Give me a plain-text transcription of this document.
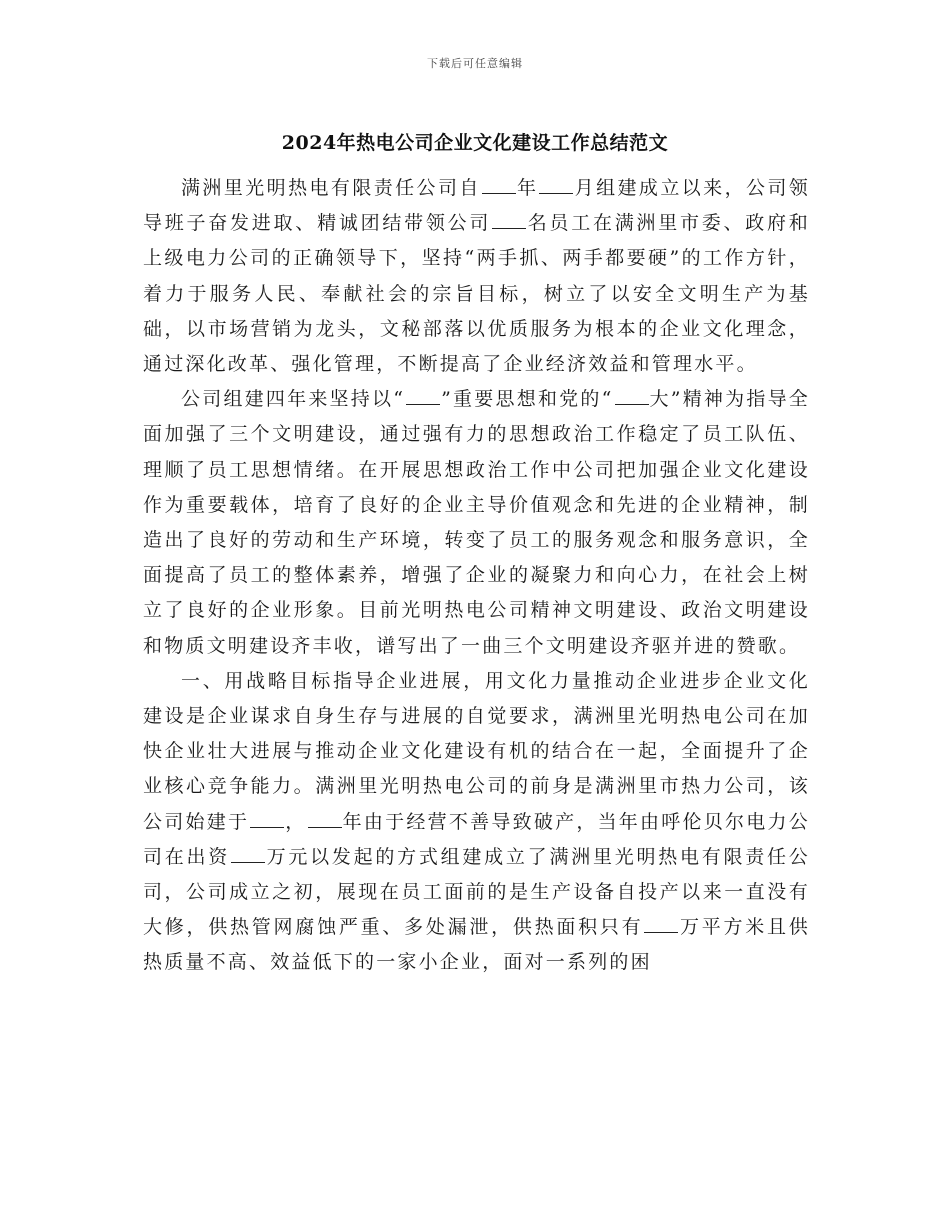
下载后可任意编辑
2024年热电公司企业文化建设工作总结范文

满洲里光明热电有限责任公司自 年 月组建成立以来，公司领导班子奋发进取、精诚团结带领公司 名员工在满洲里市委、政府和上级电力公司的正确领导下，坚持“两手抓、两手都要硬”的工作方针，着力于服务人民、奉献社会的宗旨目标，树立了以安全文明生产为基础，以市场营销为龙头，文秘部落以优质服务为根本的企业文化理念，通过深化改革、强化管理，不断提高了企业经济效益和管理水平。

公司组建四年来坚持以“ ”重要思想和党的“ 大”精神为指导全面加强了三个文明建设，通过强有力的思想政治工作稳定了员工队伍、理顺了员工思想情绪。在开展思想政治工作中公司把加强企业文化建设作为重要载体，培育了良好的企业主导价值观念和先进的企业精神，制造出了良好的劳动和生产环境，转变了员工的服务观念和服务意识，全面提高了员工的整体素养，增强了企业的凝聚力和向心力，在社会上树立了良好的企业形象。目前光明热电公司精神文明建设、政治文明建设和物质文明建设齐丰收，谱写出了一曲三个文明建设齐驱并进的赞歌。

一、用战略目标指导企业进展，用文化力量推动企业进步企业文化建设是企业谋求自身生存与进展的自觉要求，满洲里光明热电公司在加快企业壮大进展与推动企业文化建设有机的结合在一起，全面提升了企业核心竞争能力。满洲里光明热电公司的前身是满洲里市热力公司，该公司始建于 ， 年由于经营不善导致破产，当年由呼伦贝尔电力公司在出资 万元以发起的方式组建成立了满洲里光明热电有限责任公司，公司成立之初，展现在员工面前的是生产设备自投产以来一直没有大修，供热管网腐蚀严重、多处漏泄，供热面积只有 万平方米且供热质量不高、效益低下的一家小企业，面对一系列的困
